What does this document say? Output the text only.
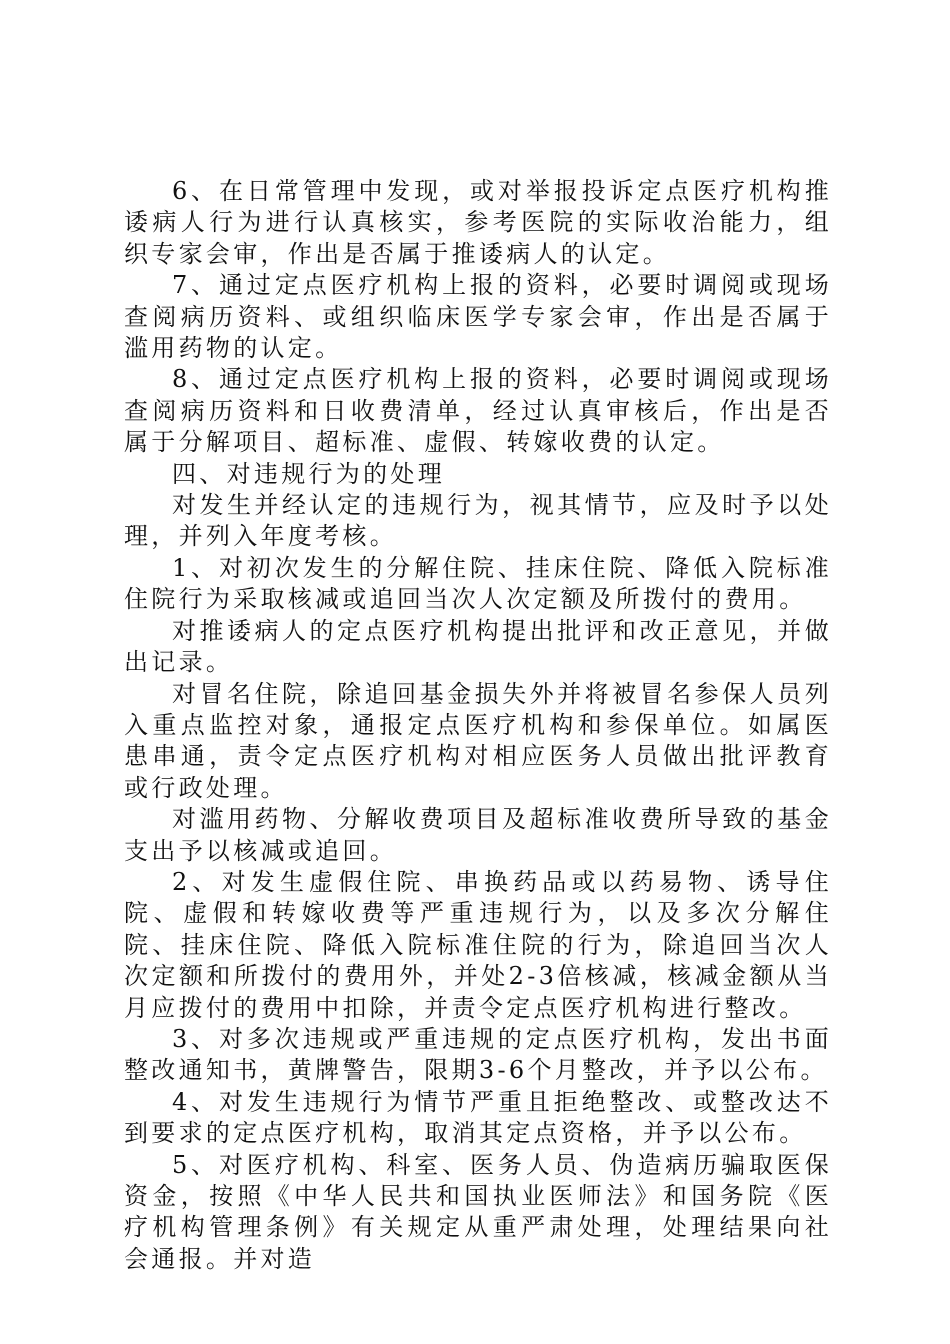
6、在日常管理中发现，或对举报投诉定点医疗机构推诿病人行为进行认真核实，参考医院的实际收治能力，组织专家会审，作出是否属于推诿病人的认定。

7、通过定点医疗机构上报的资料，必要时调阅或现场查阅病历资料、或组织临床医学专家会审，作出是否属于滥用药物的认定。

8、通过定点医疗机构上报的资料，必要时调阅或现场查阅病历资料和日收费清单，经过认真审核后，作出是否属于分解项目、超标准、虚假、转嫁收费的认定。

四、对违规行为的处理

对发生并经认定的违规行为，视其情节，应及时予以处理，并列入年度考核。

1、对初次发生的分解住院、挂床住院、降低入院标准住院行为采取核减或追回当次人次定额及所拨付的费用。

对推诿病人的定点医疗机构提出批评和改正意见，并做出记录。

对冒名住院，除追回基金损失外并将被冒名参保人员列入重点监控对象，通报定点医疗机构和参保单位。如属医患串通，责令定点医疗机构对相应医务人员做出批评教育或行政处理。

对滥用药物、分解收费项目及超标准收费所导致的基金支出予以核减或追回。

2、对发生虚假住院、串换药品或以药易物、诱导住院、虚假和转嫁收费等严重违规行为，以及多次分解住院、挂床住院、降低入院标准住院的行为，除追回当次人次定额和所拨付的费用外，并处2-3倍核减，核减金额从当月应拨付的费用中扣除，并责令定点医疗机构进行整改。

3、对多次违规或严重违规的定点医疗机构，发出书面整改通知书，黄牌警告，限期3-6个月整改，并予以公布。

4、对发生违规行为情节严重且拒绝整改、或整改达不到要求的定点医疗机构，取消其定点资格，并予以公布。

5、对医疗机构、科室、医务人员、伪造病历骗取医保资金，按照《中华人民共和国执业医师法》和国务院《医疗机构管理条例》有关规定从重严肃处理，处理结果向社会通报。并对造
